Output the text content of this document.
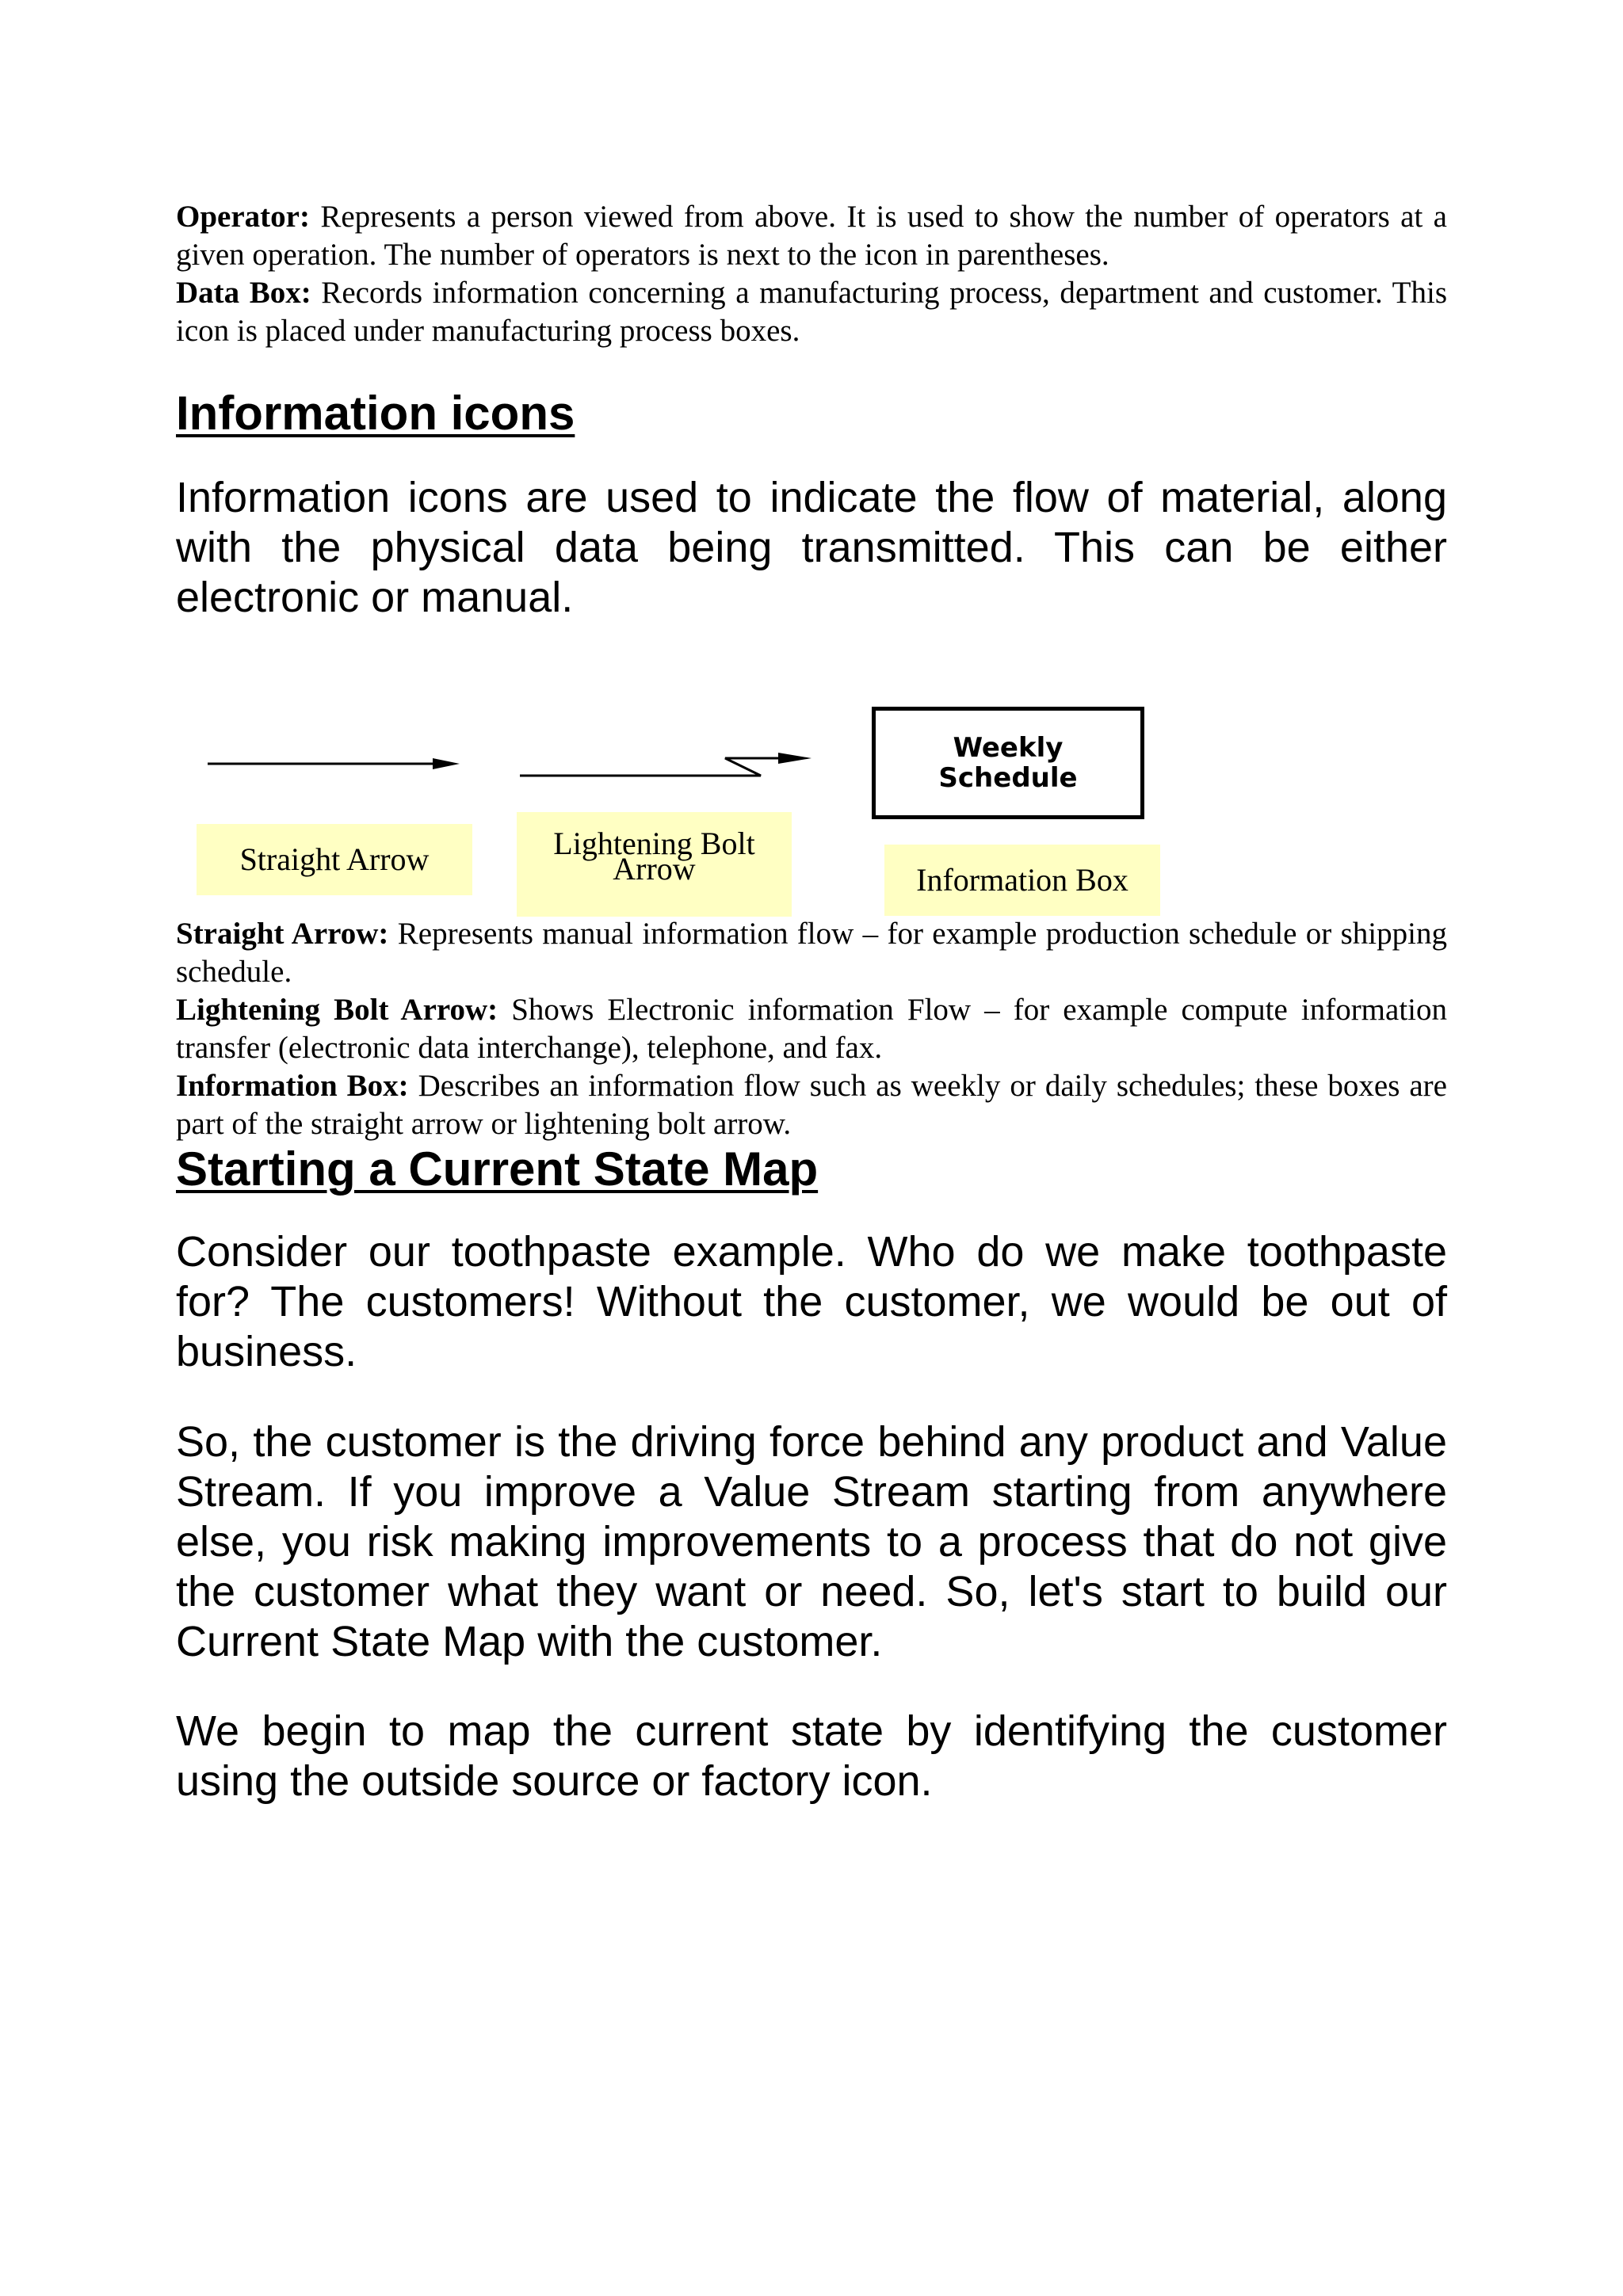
Operator: Represents a person viewed from above. It is used to show the number of operators at a given operation. The number of operators is next to the icon in parentheses.

Data Box: Records information concerning a manufacturing process, department and customer. This icon is placed under manufacturing process boxes.

Information icons

Information icons are used to indicate the flow of material, along with the physical data being transmitted. This can be either electronic or manual.

Weekly
Schedule
Straight Arrow	Lightening Bolt
Arrow	Information Box

Straight Arrow: Represents manual information flow – for example production schedule or shipping schedule.

Lightening Bolt Arrow: Shows Electronic information Flow – for example compute information transfer (electronic data interchange), telephone, and fax.

Information Box: Describes an information flow such as weekly or daily schedules; these boxes are part of the straight arrow or lightening bolt arrow.

Starting a Current State Map

Consider our toothpaste example. Who do we make toothpaste for? The customers! Without the customer, we would be out of business.

So, the customer is the driving force behind any product and Value Stream. If you improve a Value Stream starting from anywhere else, you risk making improvements to a process that do not give the customer what they want or need. So, let's start to build our Current State Map with the customer.

We begin to map the current state by identifying the customer using the outside source or factory icon.
